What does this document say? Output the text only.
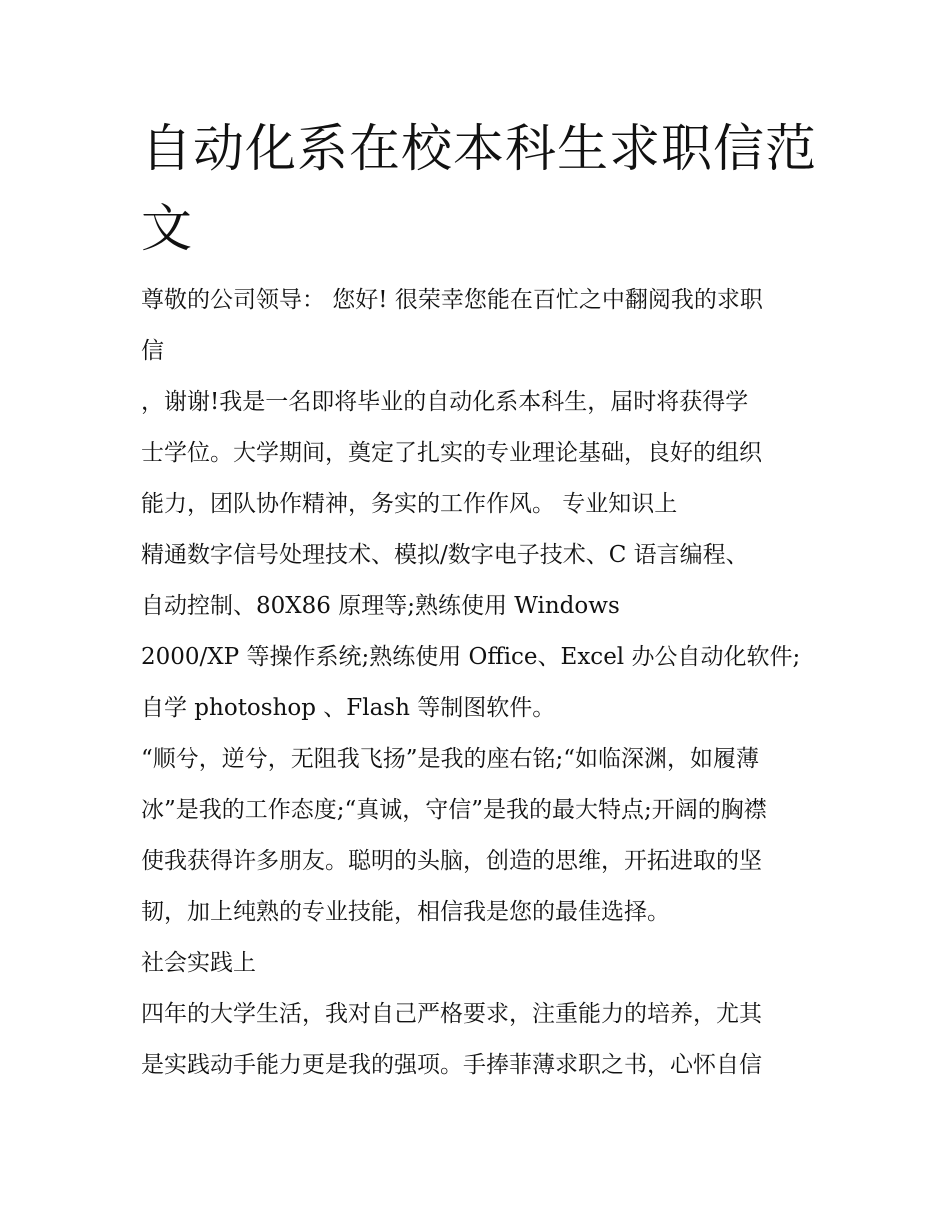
自动化系在校本科生求职信范
文

尊敬的公司领导： 您好! 很荣幸您能在百忙之中翻阅我的求职

信

，谢谢!我是一名即将毕业的自动化系本科生，届时将获得学

士学位。大学期间，奠定了扎实的专业理论基础，良好的组织

能力，团队协作精神，务实的工作作风。 专业知识上

精通数字信号处理技术、模拟/数字电子技术、C 语言编程、

自动控制、80X86 原理等;熟练使用 Windows

2000/XP 等操作系统;熟练使用 Office、Excel 办公自动化软件;

自学 photoshop 、Flash 等制图软件。

“顺兮，逆兮，无阻我飞扬”是我的座右铭;“如临深渊，如履薄

冰”是我的工作态度;“真诚，守信”是我的最大特点;开阔的胸襟

使我获得许多朋友。聪明的头脑，创造的思维，开拓进取的坚

韧，加上纯熟的专业技能，相信我是您的最佳选择。

社会实践上

四年的大学生活，我对自己严格要求，注重能力的培养，尤其

是实践动手能力更是我的强项。手捧菲薄求职之书，心怀自信
